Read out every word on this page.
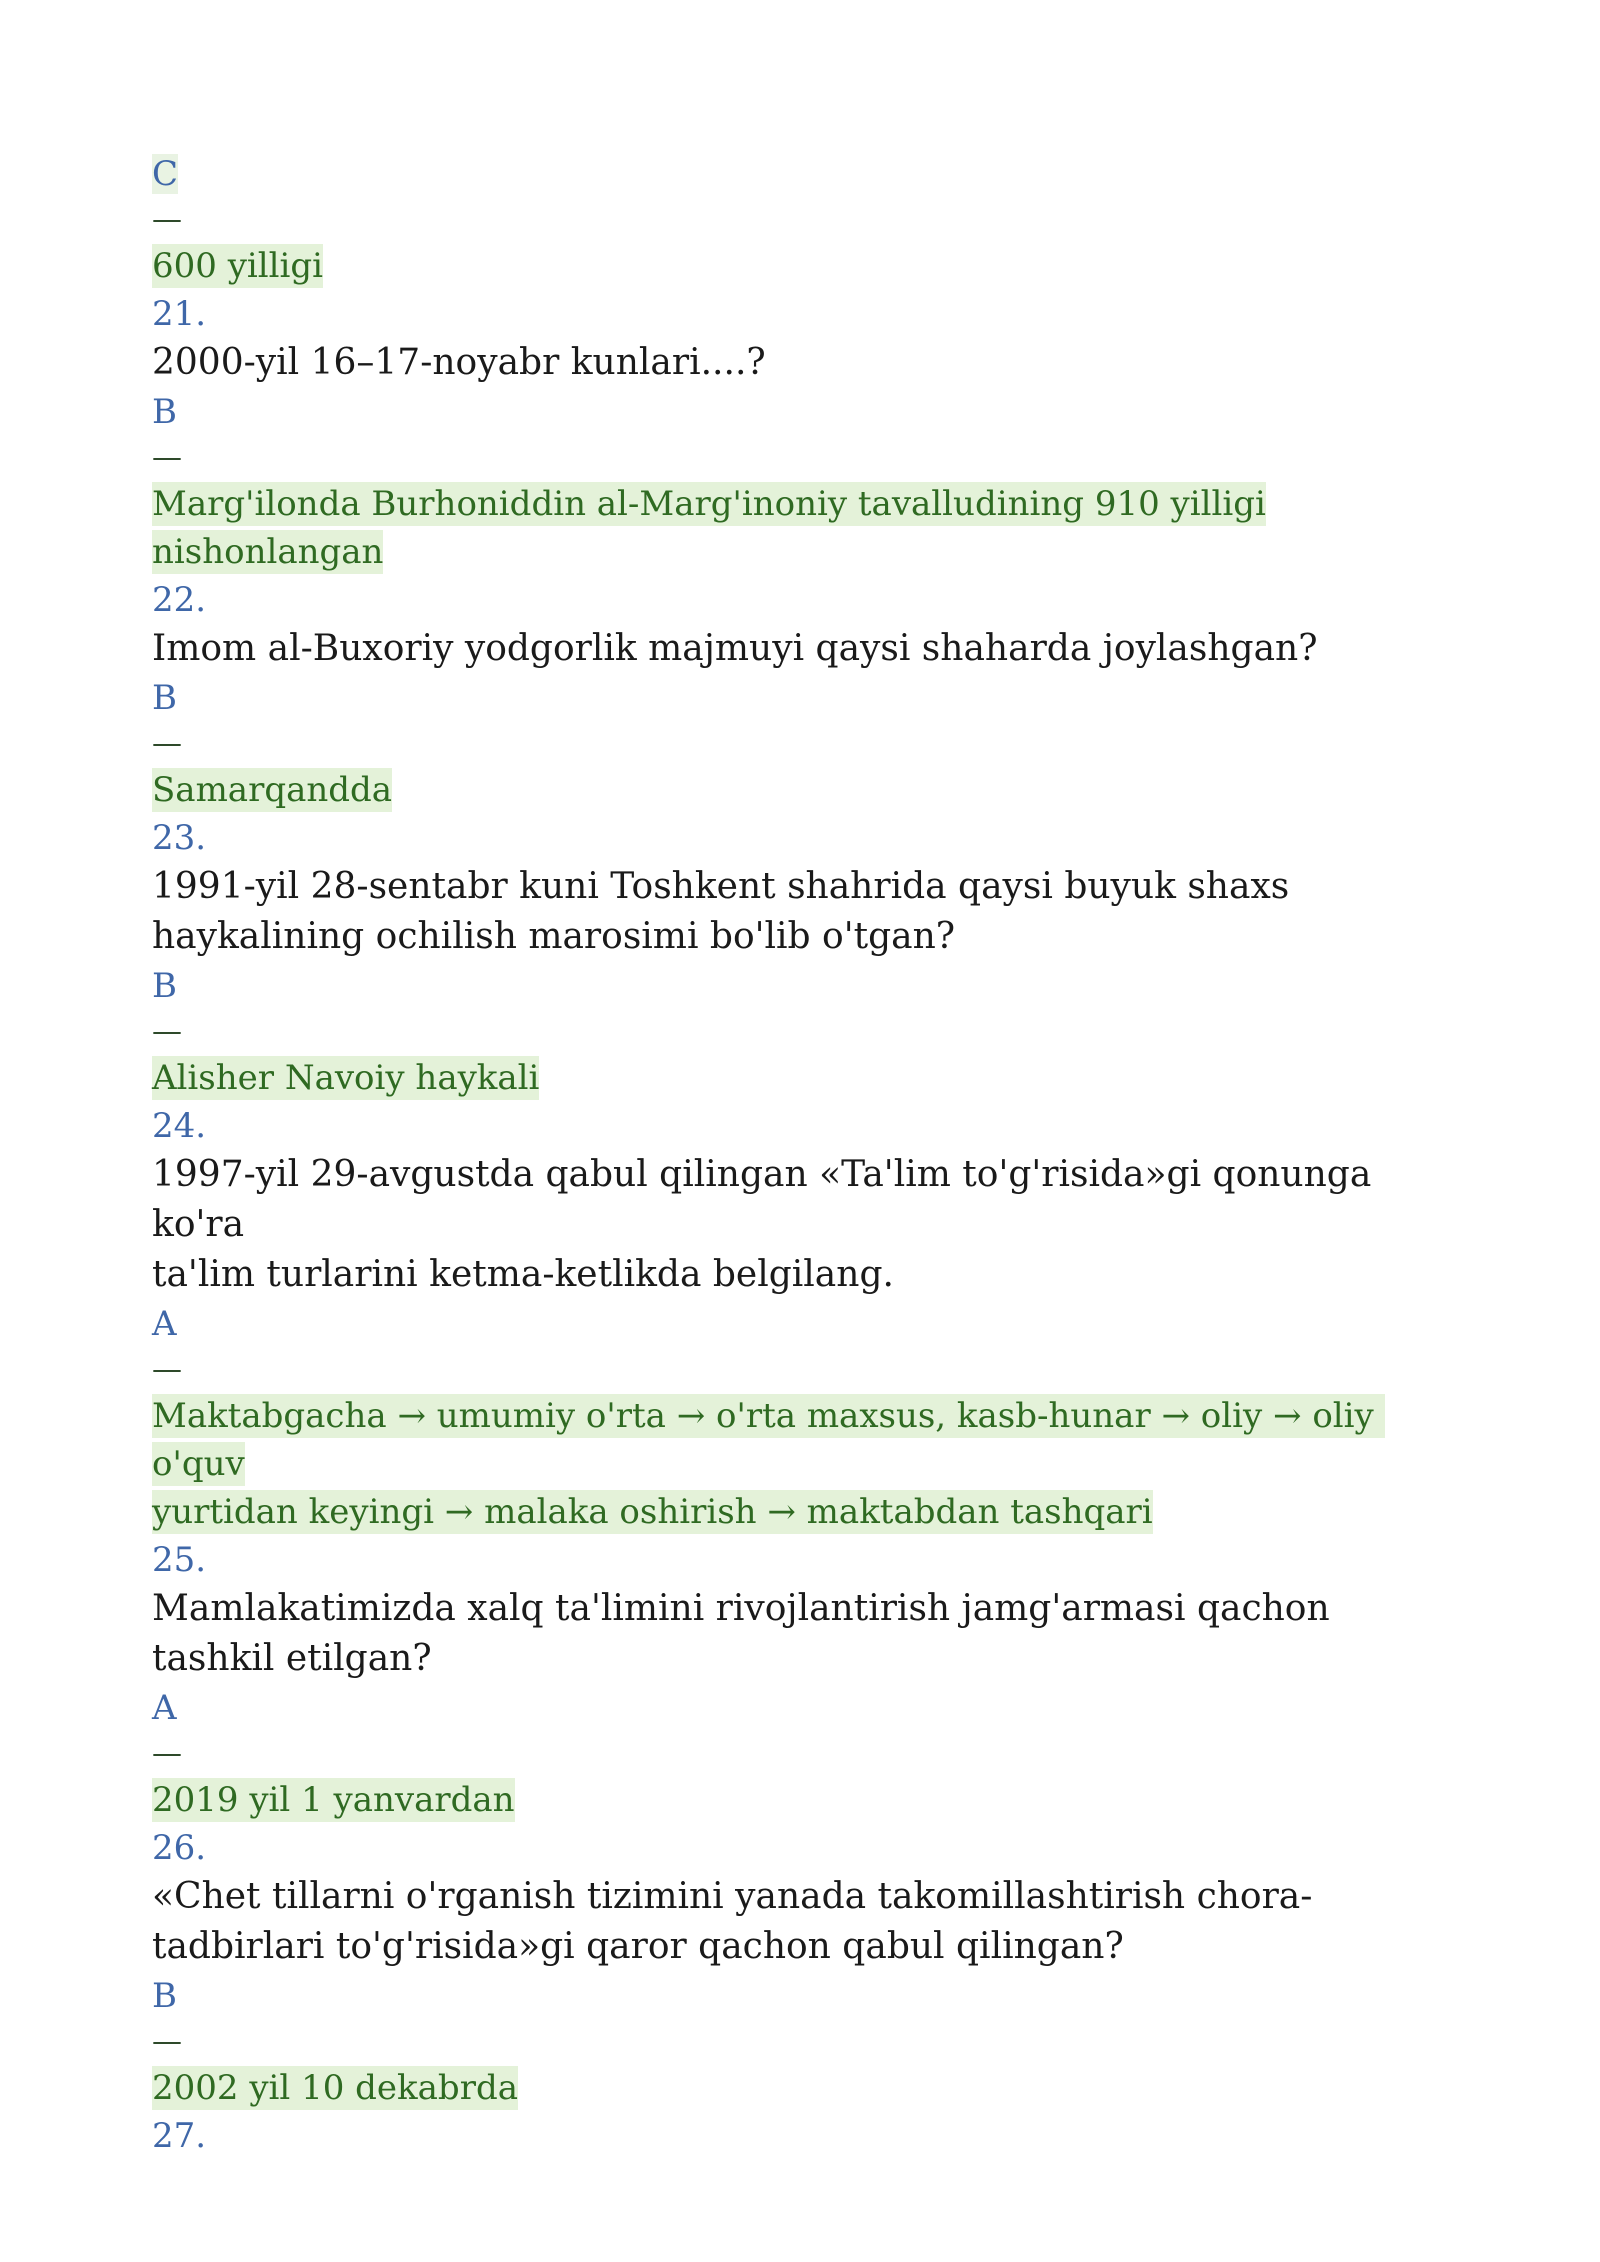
C
—
600 yilligi
21.
2000-yil 16–17-noyabr kunlari....?
B
—
Marg'ilonda Burhoniddin al-Marg'inoniy tavalludining 910 yilligi
nishonlangan
22.
Imom al-Buxoriy yodgorlik majmuyi qaysi shaharda joylashgan?
B
—
Samarqandda
23.
1991-yil 28-sentabr kuni Toshkent shahrida qaysi buyuk shaxs
haykalining ochilish marosimi bo'lib o'tgan?
B
—
Alisher Navoiy haykali
24.
1997-yil 29-avgustda qabul qilingan «Ta'lim to'g'risida»gi qonunga ko'ra
ta'lim turlarini ketma-ketlikda belgilang.
A
—
Maktabgacha → umumiy o'rta → o'rta maxsus, kasb-hunar → oliy → oliy o'quv
yurtidan keyingi → malaka oshirish → maktabdan tashqari
25.
Mamlakatimizda xalq ta'limini rivojlantirish jamg'armasi qachon
tashkil etilgan?
A
—
2019 yil 1 yanvardan
26.
«Chet tillarni o'rganish tizimini yanada takomillashtirish chora-
tadbirlari to'g'risida»gi qaror qachon qabul qilingan?
B
—
2002 yil 10 dekabrda
27.
